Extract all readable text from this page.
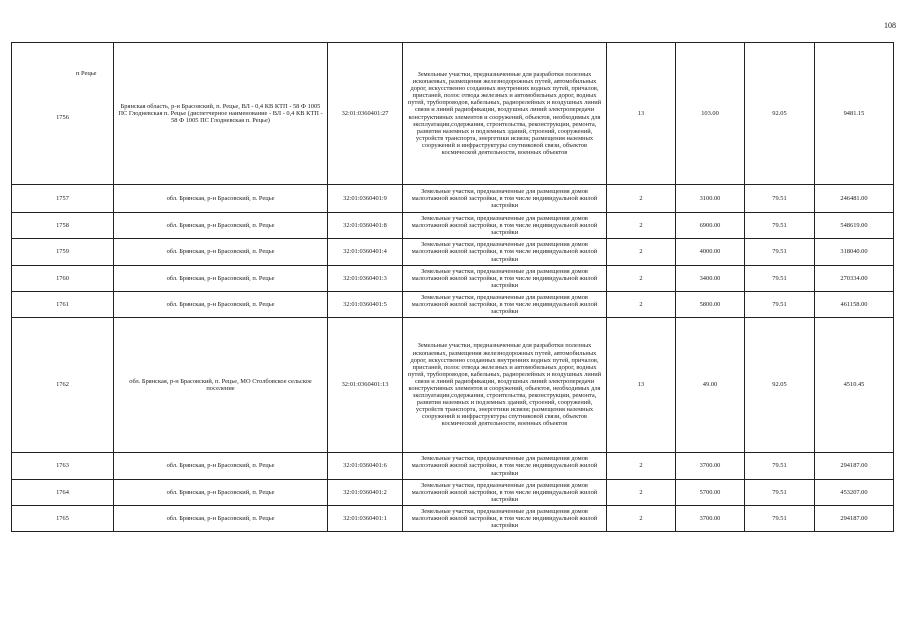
108
п Рецье
1756	Брянская область, р-н Брасовский, п. Рецье, ВЛ - 0,4 КВ КТП - 58 Ф 1005 ПС Глодневская п. Рецье (диспетчерное наименование - ВЛ - 0,4 КВ КТП - 58 Ф 1005 ПС Глодневская п. Рецье)	32:01:0360401:27	Земельные участки, предназначенные для разработки полезных ископаемых, размещения железнодорожных путей, автомобильных дорог, искусственно созданных внутренних водных путей, причалов, пристаней, полос отвода железных и автомобильных дорог, водных путей, трубопроводов, кабельных, радиорелейных и воздушных линий связи и линий радиофикации, воздушных линий электропередачи конструктивных элементов и сооружений, объектов, необходимых для эксплуатации,содержания, строительства, реконструкции, ремонта, развития наземных и подземных зданий, строений, сооружений, устройств транспорта, энергетики исвязи; размещения наземных сооружений и инфраструктуры спутниковой связи, объектов космической деятельности, военных объектов	13	103.00	92.05	9481.15
1757	обл. Брянская, р-н Брасовский, п. Рецье	32:01:0360401:9	Земельные участки, предназначенные для размещения домов малоэтажной жилой застройки, в том числе индивидуальной жилой застройки	2	3100.00	79.51	246481.00
1758	обл. Брянская, р-н Брасовский, п. Рецье	32:01:0360401:8	Земельные участки, предназначенные для размещения домов малоэтажной жилой застройки, в том числе индивидуальной жилой застройки	2	6900.00	79.51	548619.00
1759	обл. Брянская, р-н Брасовский, п. Рецье	32:01:0360401:4	Земельные участки, предназначенные для размещения домов малоэтажной жилой застройки, в том числе индивидуальной жилой застройки	2	4000.00	79.51	318040.00
1760	обл. Брянская, р-н Брасовский, п. Рецье	32:01:0360401:3	Земельные участки, предназначенные для размещения домов малоэтажной жилой застройки, в том числе индивидуальной жилой застройки	2	3400.00	79.51	270334.00
1761	обл. Брянская, р-н Брасовский, п. Рецье	32:01:0360401:5	Земельные участки, предназначенные для размещения домов малоэтажной жилой застройки, в том числе индивидуальной жилой застройки	2	5800.00	79.51	461158.00
1762	обл. Брянская, р-н Брасовский, п. Рецье, МО Столбовское сельское поселение	32:01:0360401:13	Земельные участки, предназначенные для разработки полезных ископаемых, размещения железнодорожных путей, автомобильных дорог, искусственно созданных внутренних водных путей, причалов, пристаней, полос отвода железных и автомобильных дорог, водных путей, трубопроводов, кабельных, радиорелейных и воздушных линий связи и линий радиофикации, воздушных линий электропередачи конструктивных элементов и сооружений, объектов, необходимых для эксплуатации,содержания, строительства, реконструкции, ремонта, развития наземных и подземных зданий, строений, сооружений, устройств транспорта, энергетики исвязи; размещения наземных сооружений и инфраструктуры спутниковой связи, объектов космической деятельности, военных объектов	13	49.00	92.05	4510.45
1763	обл. Брянская, р-н Брасовский, п. Рецье	32:01:0360401:6	Земельные участки, предназначенные для размещения домов малоэтажной жилой застройки, в том числе индивидуальной жилой застройки	2	3700.00	79.51	294187.00
1764	обл. Брянская, р-н Брасовский, п. Рецье	32:01:0360401:2	Земельные участки, предназначенные для размещения домов малоэтажной жилой застройки, в том числе индивидуальной жилой застройки	2	5700.00	79.51	453207.00
1765	обл. Брянская, р-н Брасовский, п. Рецье	32:01:0360401:1	Земельные участки, предназначенные для размещения домов малоэтажной жилой застройки, в том числе индивидуальной жилой застройки	2	3700.00	79.51	294187.00
